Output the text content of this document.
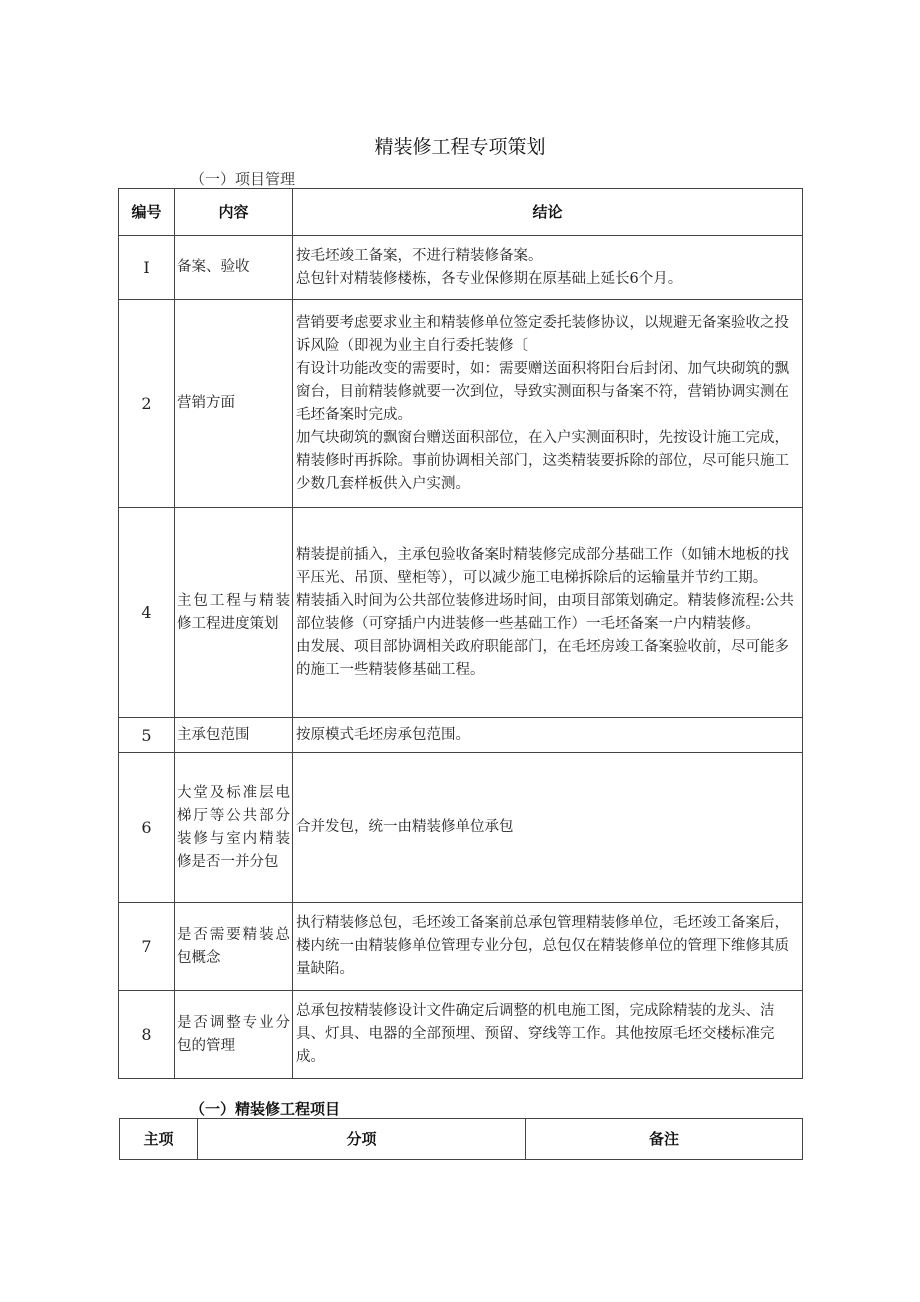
精装修工程专项策划
（一）项目管理
编号	内容	结论
I	备案、验收	按毛坯竣工备案，不进行精装修备案。
总包针对精装修楼栋，各专业保修期在原基础上延长6个月。

2	营销方面	营销要考虑要求业主和精装修单位签定委托装修协议，以规避无备案验收之投诉风险（即视为业主自行委托装修〔
有设计功能改变的需要时，如：需要赠送面积将阳台后封闭、加气块砌筑的飘窗台，目前精装修就要一次到位，导致实测面积与备案不符，营销协调实测在毛坯备案时完成。
加气块砌筑的飘窗台赠送面积部位，在入户实测面积时，先按设计施工完成，精装修时再拆除。事前协调相关部门，这类精装要拆除的部位，尽可能只施工少数几套样板供入户实测。

4	主包工程与精装修工程进度策划	精装提前插入，主承包验收备案时精装修完成部分基础工作（如铺木地板的找平压光、吊顶、壁柜等），可以减少施工电梯拆除后的运输量并节约工期。
精装插入时间为公共部位装修进场时间，由项目部策划确定。精装修流程:公共部位装修（可穿插户内进装修一些基础工作）一毛坯备案一户内精装修。
由发展、项目部协调相关政府职能部门，在毛坯房竣工备案验收前，尽可能多的施工一些精装修基础工程。

5	主承包范围	按原模式毛坯房承包范围。

6	大堂及标准层电梯厅等公共部分装修与室内精装修是否一并分包	合并发包，统一由精装修单位承包

7	是否需要精装总包概念	执行精装修总包，毛坯竣工备案前总承包管理精装修单位，毛坯竣工备案后，楼内统一由精装修单位管理专业分包，总包仅在精装修单位的管理下维修其质量缺陷。

8	是否调整专业分包的管理	总承包按精装修设计文件确定后调整的机电施工图，完成除精装的龙头、洁具、灯具、电器的全部预埋、预留、穿线等工作。其他按原毛坯交楼标准完成。
（一）精装修工程项目
主项	分项	备注
